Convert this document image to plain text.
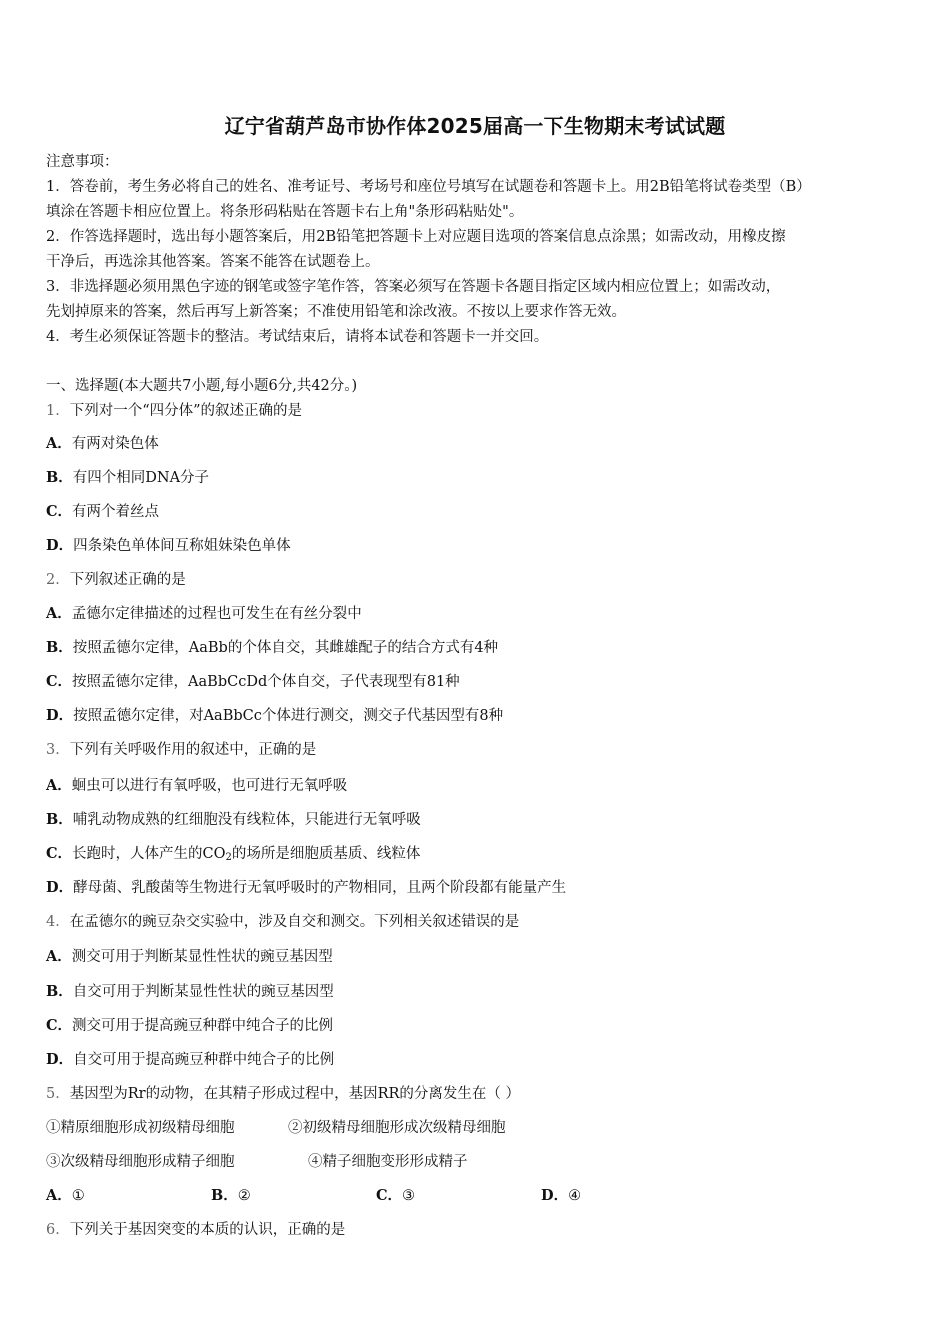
辽宁省葫芦岛市协作体2025届高一下生物期末考试试题
注意事项：
1．答卷前，考生务必将自己的姓名、准考证号、考场号和座位号填写在试题卷和答题卡上。用2B铅笔将试卷类型（B）
填涂在答题卡相应位置上。将条形码粘贴在答题卡右上角"条形码粘贴处"。
2．作答选择题时，选出每小题答案后，用2B铅笔把答题卡上对应题目选项的答案信息点涂黑；如需改动，用橡皮擦
干净后，再选涂其他答案。答案不能答在试题卷上。
3．非选择题必须用黑色字迹的钢笔或签字笔作答，答案必须写在答题卡各题目指定区域内相应位置上；如需改动，
先划掉原来的答案，然后再写上新答案；不准使用铅笔和涂改液。不按以上要求作答无效。
4．考生必须保证答题卡的整洁。考试结束后，请将本试卷和答题卡一并交回。
一、选择题(本大题共7小题,每小题6分,共42分。)
1．下列对一个“四分体”的叙述正确的是
A．有两对染色体
B．有四个相同DNA分子
C．有两个着丝点
D．四条染色单体间互称姐妹染色单体
2．下列叙述正确的是
A．孟德尔定律描述的过程也可发生在有丝分裂中
B．按照孟德尔定律，AaBb的个体自交，其雌雄配子的结合方式有4种
C．按照孟德尔定律，AaBbCcDd个体自交，子代表现型有81种
D．按照孟德尔定律，对AaBbCc个体进行测交，测交子代基因型有8种
3．下列有关呼吸作用的叙述中，正确的是
A．蛔虫可以进行有氧呼吸，也可进行无氧呼吸
B．哺乳动物成熟的红细胞没有线粒体，只能进行无氧呼吸
C．长跑时，人体产生的$CO_2$的场所是细胞质基质、线粒体
D．酵母菌、乳酸菌等生物进行无氧呼吸时的产物相同，且两个阶段都有能量产生
4．在孟德尔的豌豆杂交实验中，涉及自交和测交。下列相关叙述错误的是
A．测交可用于判断某显性性状的豌豆基因型
B．自交可用于判断某显性性状的豌豆基因型
C．测交可用于提高豌豆种群中纯合子的比例
D．自交可用于提高豌豆种群中纯合子的比例
5．基因型为Rr的动物，在其精子形成过程中，基因RR的分离发生在（ ）
①精原细胞形成初级精母细胞	②初级精母细胞形成次级精母细胞
③次级精母细胞形成精子细胞	④精子细胞变形形成精子
A．①	B．②	C．③	D．④
6．下列关于基因突变的本质的认识，正确的是
